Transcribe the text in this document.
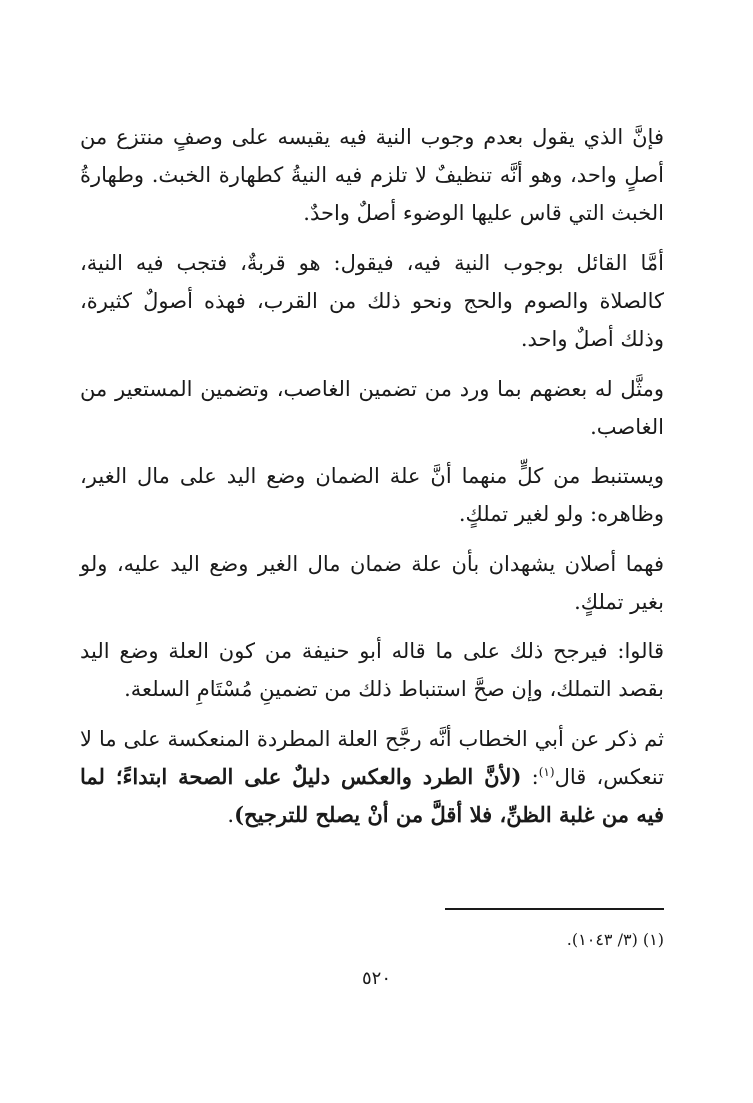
فإنَّ الذي يقول بعدم وجوب النية فيه يقيسه على وصفٍ منتزع من أصلٍ واحد، وهو أنَّه تنظيفٌ لا تلزم فيه النيةُ كطهارة الخبث. وطهارةُ الخبث التي قاس عليها الوضوء أصلٌ واحدٌ.

أمَّا القائل بوجوب النية فيه، فيقول: هو قربةٌ، فتجب فيه النية، كالصلاة والصوم والحج ونحو ذلك من القرب، فهذه أصولٌ كثيرة، وذلك أصلٌ واحد.

ومثَّل له بعضهم بما ورد من تضمين الغاصب، وتضمين المستعير من الغاصب.

ويستنبط من كلٍّ منهما أنَّ علة الضمان وضع اليد على مال الغير، وظاهره: ولو لغير تملكٍ.

فهما أصلان يشهدان بأن علة ضمان مال الغير وضع اليد عليه، ولو بغير تملكٍ.

قالوا: فيرجح ذلك على ما قاله أبو حنيفة من كون العلة وضع اليد بقصد التملك، وإن صحَّ استنباط ذلك من تضمينِ مُسْتَامِ السلعة.

ثم ذكر عن أبي الخطاب أنَّه رجَّح العلة المطردة المنعكسة على ما لا تنعكس، قال$^{(١)}$: (لأنَّ الطرد والعكس دليلٌ على الصحة ابتداءً؛ لما فيه من غلبة الظنِّ، فلا أقلَّ من أنْ يصلح للترجيح).

(١) (٣/ ١٠٤٣).
٥٢٠
